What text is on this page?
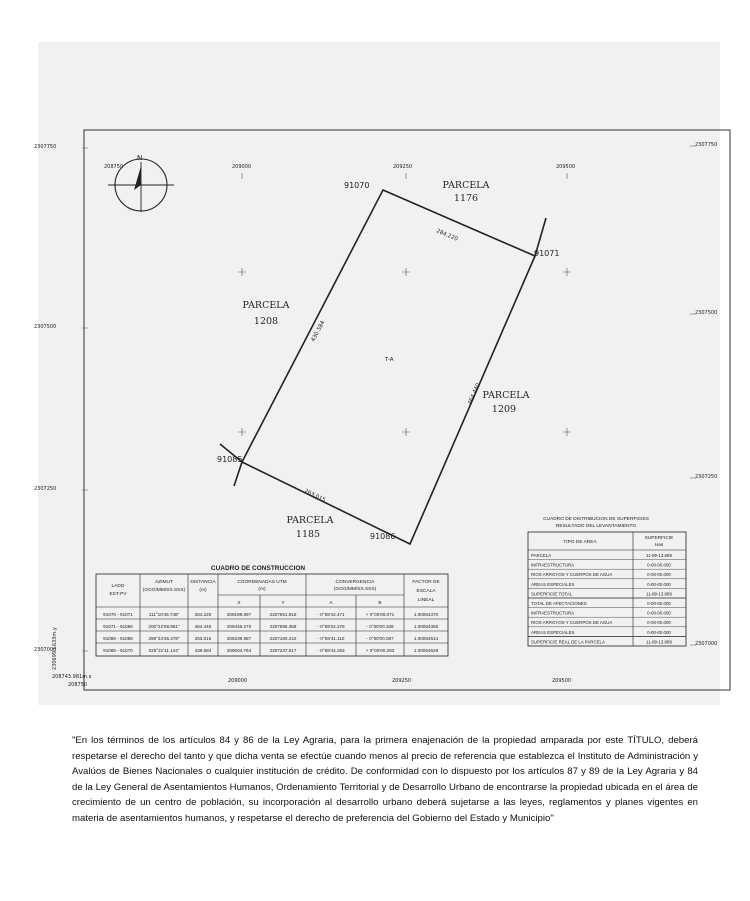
208750	209000	209250	209500
2307750
2307500
2307250
2307000
2307750
2307500
2307250
2307000
208750
209000	209250	209500
208743.981m.x
2306993.633m.y
N
91070
91071
91085
91086
284.220
430.584
464.440
263.015
PARCELA
1176
PARCELA
1208
PARCELA
1209
PARCELA
1185
T-A
CUADRO DE CONSTRUCCION
LADO
EST-PV
AZIMUT
(GGG/MM/SS.SSS)
DISTANCIA
(m)
COORDENADAS UTM
(m)
X	Y
CONVERGENCIA
(GGG/MM/SS.SSS)
A	B
FACTOR DE
ESCALA
LINEAL
91070 - 91071	111°10'45.748"	284.220	209199.897	2307691.818	- 0°59'42.471	+ 0°00'00.071	1.00064370
91071 - 91086	200°22'08.951"	464.440	209446.270	2307596.358	- 0°59'34.279	- 0°00'00.329	1.00064355
91086 - 91085	298°34'35.378"	263.015	209239.987	2307180.242	- 0°59'41.110	- 0°00'00.087	1.00064514
91085 - 91070	026°21'11.144"	439.584	209004.764	2307237.517	- 0°59'44.263	+ 0°00'00.293	1.00064528
CUADRO DE DISTRIBUCION DE SUPERFICIES
RESULTADO DEL LEVANTAMIENTO
TIPO DE AREA
SUPERFICIE
Has
PARCELA	11-89-13.889
INFRAESTRUCTURA	0-00-00.000
RIOS ARROYOS Y CUERPOS DE AGUA	0-00-00.000
AREAS ESPECIALES	0-00-00.000
SUPERFICIE TOTAL	11-89-13.889
TOTAL DE AFECTACIONES	0-00-00.000
INFRAESTRUCTURA	0-00-00.000
RIOS ARROYOS Y CUERPOS DE AGUA	0-00-00.000
AREAS ESPECIALES	0-00-00.000
SUPERFICIE REAL DE LA PARCELA	11-89-13.889

"En los términos de los artículos 84 y 86 de la Ley Agraria, para la primera enajenación de la propiedad amparada por este TÍTULO, deberá respetarse el derecho del tanto y que dicha venta se efectúe cuando menos al precio de referencia que establezca el Instituto de Administración y Avalúos de Bienes Nacionales o cualquier institución de crédito. De conformidad con lo dispuesto por los artículos 87 y 89 de la Ley Agraria y 84 de la Ley General de Asentamientos Humanos, Ordenamiento Territorial y de Desarrollo Urbano de encontrarse la propiedad ubicada en el área de crecimiento de un centro de población, su incorporación al desarrollo urbano deberá sujetarse a las leyes, reglamentos y planes vigentes en materia de asentamientos humanos, y respetarse el derecho de preferencia del Gobierno del Estado y Municipio"
